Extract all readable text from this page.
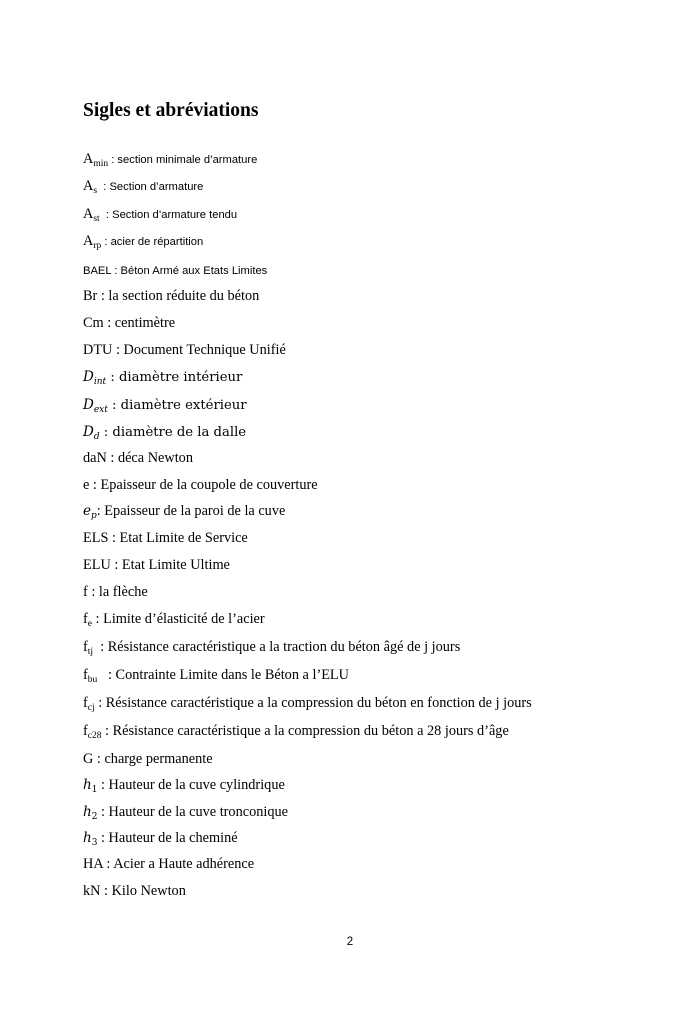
Sigles et abréviations
$A_{min}$ : section minimale d’armature
$A_s$  : Section d’armature
$A_{st}$  : Section d’armature tendu
$A_{rp}$ : acier de répartition
BAEL : Béton Armé aux Etats Limites
Br : la section réduite du béton
Cm : centimètre
DTU : Document Technique Unifié
$D_{int}$ : diamètre intérieur
$D_{ext}$ : diamètre extérieur
$D_d$ : diamètre de la dalle
daN : déca Newton
e : Epaisseur de la coupole de couverture
$e_p$: Epaisseur de la paroi de la cuve
ELS : Etat Limite de Service
ELU : Etat Limite Ultime
f : la flèche
$f_e$ : Limite d’élasticité de l’acier
$f_{tj}$  : Résistance caractéristique a la traction du béton âgé de j jours
$f_{bu}$   : Contrainte Limite dans le Béton a l’ELU
$f_{cj}$ : Résistance caractéristique a la compression du béton en fonction de j jours
$f_{c28}$ : Résistance caractéristique a la compression du béton a 28 jours d’âge
G : charge permanente
$h_1$ : Hauteur de la cuve cylindrique
$h_2$ : Hauteur de la cuve tronconique
$h_3$ : Hauteur de la cheminé
HA : Acier a Haute adhérence
kN : Kilo Newton
2
